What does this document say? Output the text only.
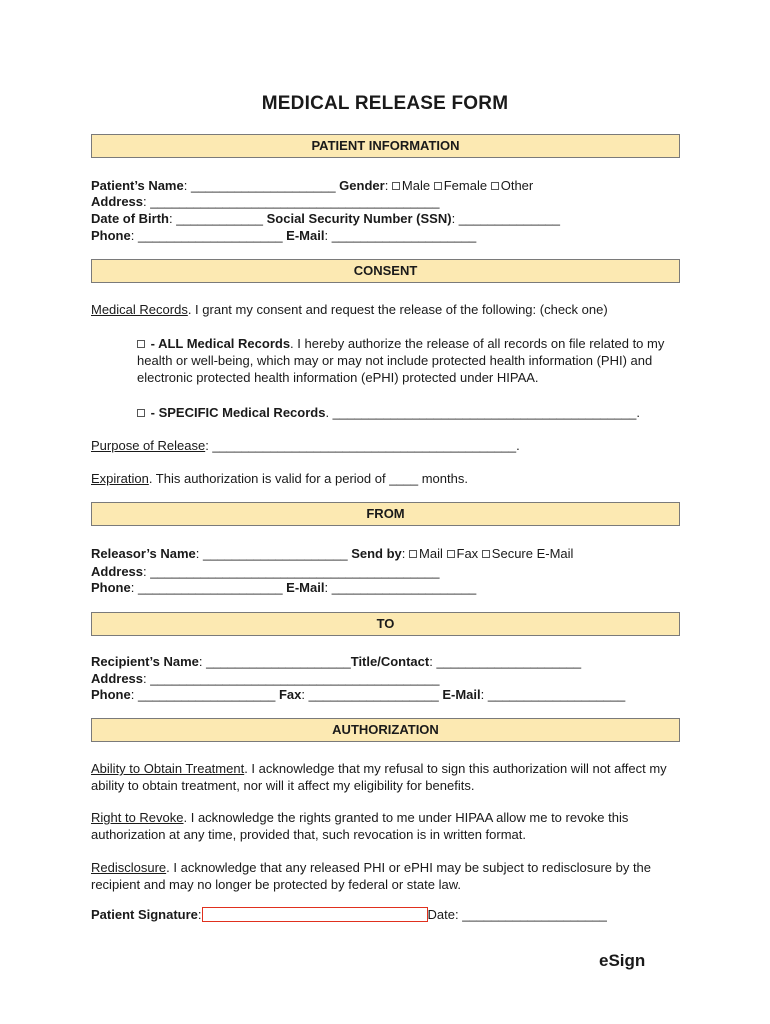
MEDICAL RELEASE FORM
PATIENT INFORMATION
Patient’s Name: ____________________ Gender: Male Female Other
Address: ________________________________________
Date of Birth: ____________ Social Security Number (SSN): ______________
Phone: ____________________ E-Mail: ____________________
CONSENT
Medical Records. I grant my consent and request the release of the following: (check one)
- ALL Medical Records. I hereby authorize the release of all records on file related to my health or well-being, which may or may not include protected health information (PHI) and electronic protected health information (ePHI) protected under HIPAA.
- SPECIFIC Medical Records. __________________________________________.
Purpose of Release: __________________________________________.
Expiration. This authorization is valid for a period of ____ months.
FROM
Releasor’s Name: ____________________ Send by: Mail Fax Secure E-Mail
Address: ________________________________________
Phone: ____________________ E-Mail: ____________________
TO
Recipient’s Name: ____________________Title/Contact: ____________________
Address: ________________________________________
Phone: ___________________ Fax: __________________ E-Mail: ___________________
AUTHORIZATION
Ability to Obtain Treatment. I acknowledge that my refusal to sign this authorization will not affect my ability to obtain treatment, nor will it affect my eligibility for benefits.
Right to Revoke. I acknowledge the rights granted to me under HIPAA allow me to revoke this authorization at any time, provided that, such revocation is in written format.
Redisclosure. I acknowledge that any released PHI or ePHI may be subject to redisclosure by the recipient and may no longer be protected by federal or state law.
Patient Signature:	Date: ____________________
eSign
